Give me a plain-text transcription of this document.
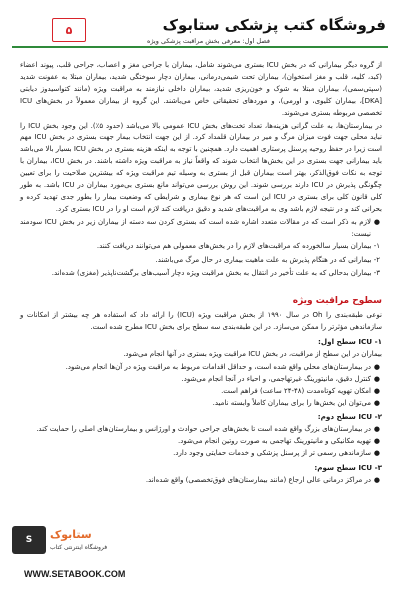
فروشگاه کتب پزشکی ستابوک
فصل اول: معرفی بخش مراقبت پزشکی ویژه
۵

از گروه دیگر بیمارانی که در بخش ICU بستری می‌شوند شامل، بیماران با جراحی مغز و اعصاب، جراحی قلب، پیوند اعضاء (کبد، کلیه، قلب و مغز استخوان)، بیماران تحت شیمی‌درمانی، بیماران دچار سوختگی شدید، بیماران مبتلا به عفونت شدید (سپتی‌سمی)، بیماران مبتلا به شوک و خون‌ریزی شدید، بیماران داخلی نیازمند به مراقبت ویژه (مانند کتواسیدوز دیابتی [DKA]، بیماران کلیوی، و اورمی)، و موردهای تحقیقاتی خاص می‌باشند. این گروه از بیماران معمولاً در بخش‌های ICU تخصصی مربوطه بستری می‌شوند.

در بیمارستان‌ها، به علت گرانی هزینه‌ها، تعداد تخت‌های بخش ICU عمومی بالا می‌باشد (حدود ۵٪). این وجود بخش ICU را نباید محلی جهت فوت میزان مرگ و میر در بیماران قلمداد کرد. از این جهت انتخاب بیمار جهت بستری در بخش ICU مهم است زیرا در حفظ روحیه پرسنل پرستاری اهمیت دارد. همچنین با توجه به اینکه هزینه بستری در بخش ICU بسیار بالا می‌باشد باید بیمارانی جهت بستری در این بخش‌ها انتخاب شوند که واقعاً نیاز به مراقبت ویژه داشته باشند. در بخش ICU، بیماران با توجه به نکات فوق‌الذکر، بهتر است بیماران قبل از بستری به وسیله تیم مراقبت ویژه که بیشترین صلاحیت را برای تعیین چگونگی پذیرش در ICU دارند بررسی شوند. این روش بررسی می‌تواند مانع بستری بی‌مورد بیماران در ICU باشد. به طور کلی قانون کلی برای بستری در ICU این است که هر نوع بیماری و شرایطی که وضعیت بیمار را بطور جدی تهدید کرده و بحرانی کند و در نتیجه لازم باشد وی به مراقبت‌های شدید و دقیق دریافت کند لازم است او را در ICU بستری کرد.

●
لازم به ذکر است که در مقالات متعدد اشاره شده است که بستری کردن سه دسته از بیماران زیر در بخش ICU سودمند نیست:

۱- بیماران بسیار سالخورده که مراقبت‌های لازم را در بخش‌های معمولی هم می‌توانند دریافت کنند.

۲- بیمارانی که در هنگام پذیرش به علت ماهیت بیماری در حال مرگ می‌باشند.

۳- بیماران بدحالی که به علت تأخیر در انتقال به بخش مراقبت ویژه دچار آسیب‌های برگشت‌ناپذیر (مغزی) شده‌اند.

سطوح مراقبت ویژه

نوعی طبقه‌بندی را Oh در سال ۱۹۹۰ از بخش مراقبت ویژه (ICU) را ارائه داد که استفاده هر چه بیشتر از امکانات و سازماندهی مؤثرتر را ممکن می‌سازد. در این طبقه‌بندی سه سطح برای بخش ICU مطرح شده است.

۱- ICU سطح اول:

بیماران در این سطح از مراقبت، در بخش ICU مراقبت ویژه بستری در آنها انجام می‌شود.

●
در بیمارستان‌های محلی واقع شده است، و حداقل اقدامات مربوط به مراقبت ویژه در آن‌ها انجام می‌شود.

●
کنترل دقیق، مانیتورینگ غیرتهاجمی، و احیاء در آنجا انجام می‌شود.

●
امکان تهویه کوتاه‌مدت (۴۸-۲۴ ساعت) فراهم است.

●
می‌توان این بخش‌ها را برای بیماران کاملاً وابسته نامید.

۲- ICU سطح دوم:

●
در بیمارستان‌های بزرگ واقع شده است تا بخش‌های جراحی حوادث و اورژانس و بیمارستان‌های اصلی را حمایت کند.

●
تهویه مکانیکی و مانیتورینگ تهاجمی به صورت روتین انجام می‌شود.

●
سازماندهی رسمی تر از پرسنل پزشکی و خدمات حمایتی وجود دارد.

۳- ICU سطح سوم:

●
در مراکز درمانی عالی ارجاع (مانند بیمارستان‌های فوق‌تخصصی) واقع شده‌اند.

S ستابوک
فروشگاه اینترنتی کتاب
WWW.SETABOOK.COM
